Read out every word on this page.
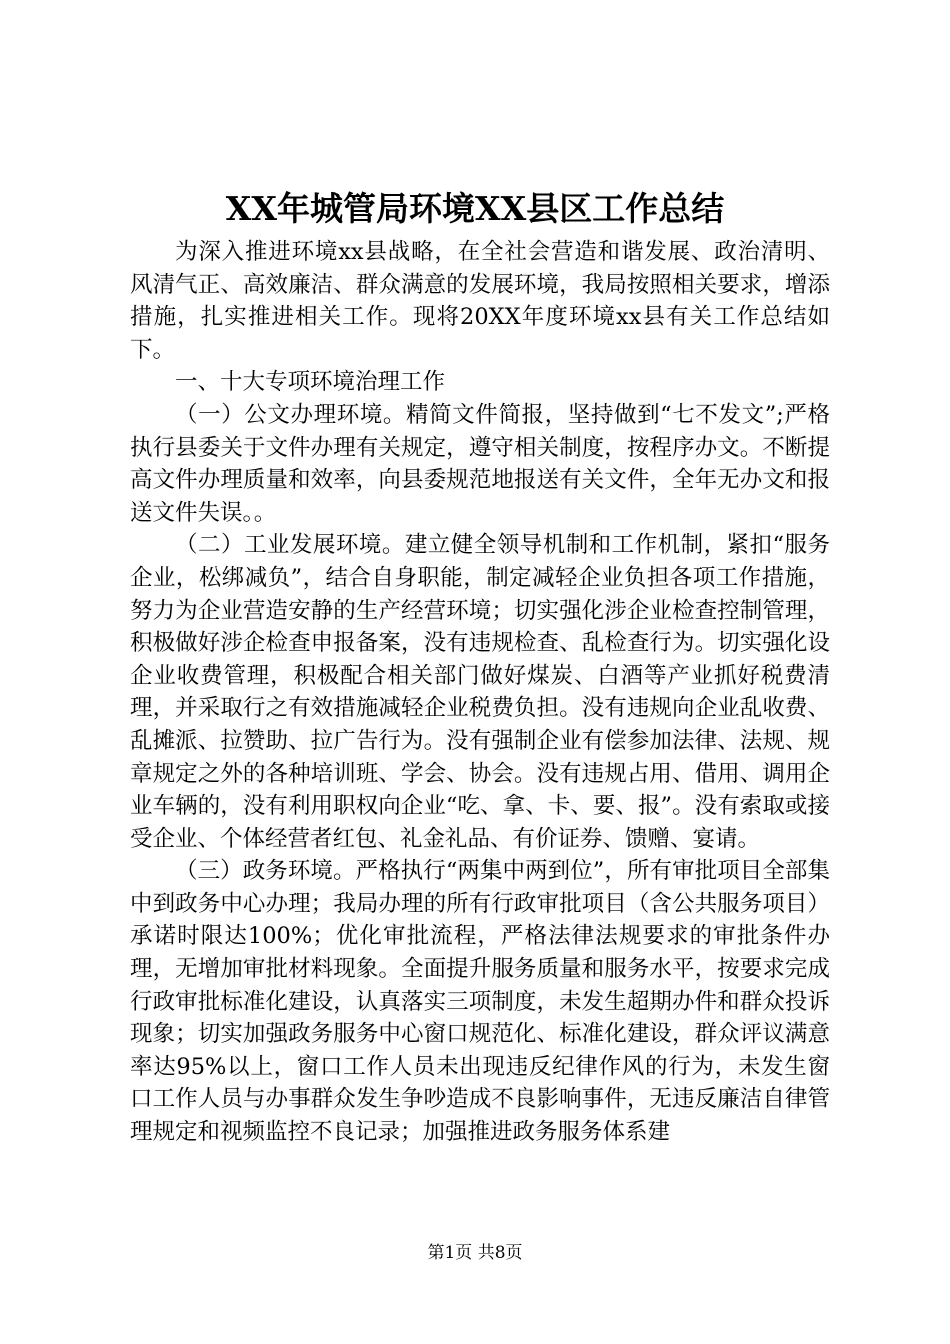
XX年城管局环境XX县区工作总结

为深入推进环境xx县战略，在全社会营造和谐发展、政治清明、风清气正、高效廉洁、群众满意的发展环境，我局按照相关要求，增添措施，扎实推进相关工作。现将20XX年度环境xx县有关工作总结如下。

一、十大专项环境治理工作

（一）公文办理环境。精简文件简报，坚持做到“七不发文”;严格执行县委关于文件办理有关规定，遵守相关制度，按程序办文。不断提高文件办理质量和效率，向县委规范地报送有关文件，全年无办文和报送文件失误。。

（二）工业发展环境。建立健全领导机制和工作机制，紧扣“服务企业，松绑减负”，结合自身职能，制定减轻企业负担各项工作措施，努力为企业营造安静的生产经营环境；切实强化涉企业检查控制管理，积极做好涉企检查申报备案，没有违规检查、乱检查行为。切实强化设企业收费管理，积极配合相关部门做好煤炭、白酒等产业抓好税费清理，并采取行之有效措施减轻企业税费负担。没有违规向企业乱收费、乱摊派、拉赞助、拉广告行为。没有强制企业有偿参加法律、法规、规章规定之外的各种培训班、学会、协会。没有违规占用、借用、调用企业车辆的，没有利用职权向企业“吃、拿、卡、要、报”。没有索取或接受企业、个体经营者红包、礼金礼品、有价证券、馈赠、宴请。

（三）政务环境。严格执行“两集中两到位”，所有审批项目全部集中到政务中心办理；我局办理的所有行政审批项目（含公共服务项目）承诺时限达100%；优化审批流程，严格法律法规要求的审批条件办理，无增加审批材料现象。全面提升服务质量和服务水平，按要求完成行政审批标准化建设，认真落实三项制度，未发生超期办件和群众投诉现象；切实加强政务服务中心窗口规范化、标准化建设，群众评议满意率达95%以上，窗口工作人员未出现违反纪律作风的行为，未发生窗口工作人员与办事群众发生争吵造成不良影响事件，无违反廉洁自律管理规定和视频监控不良记录；加强推进政务服务体系建

第1页 共8页
